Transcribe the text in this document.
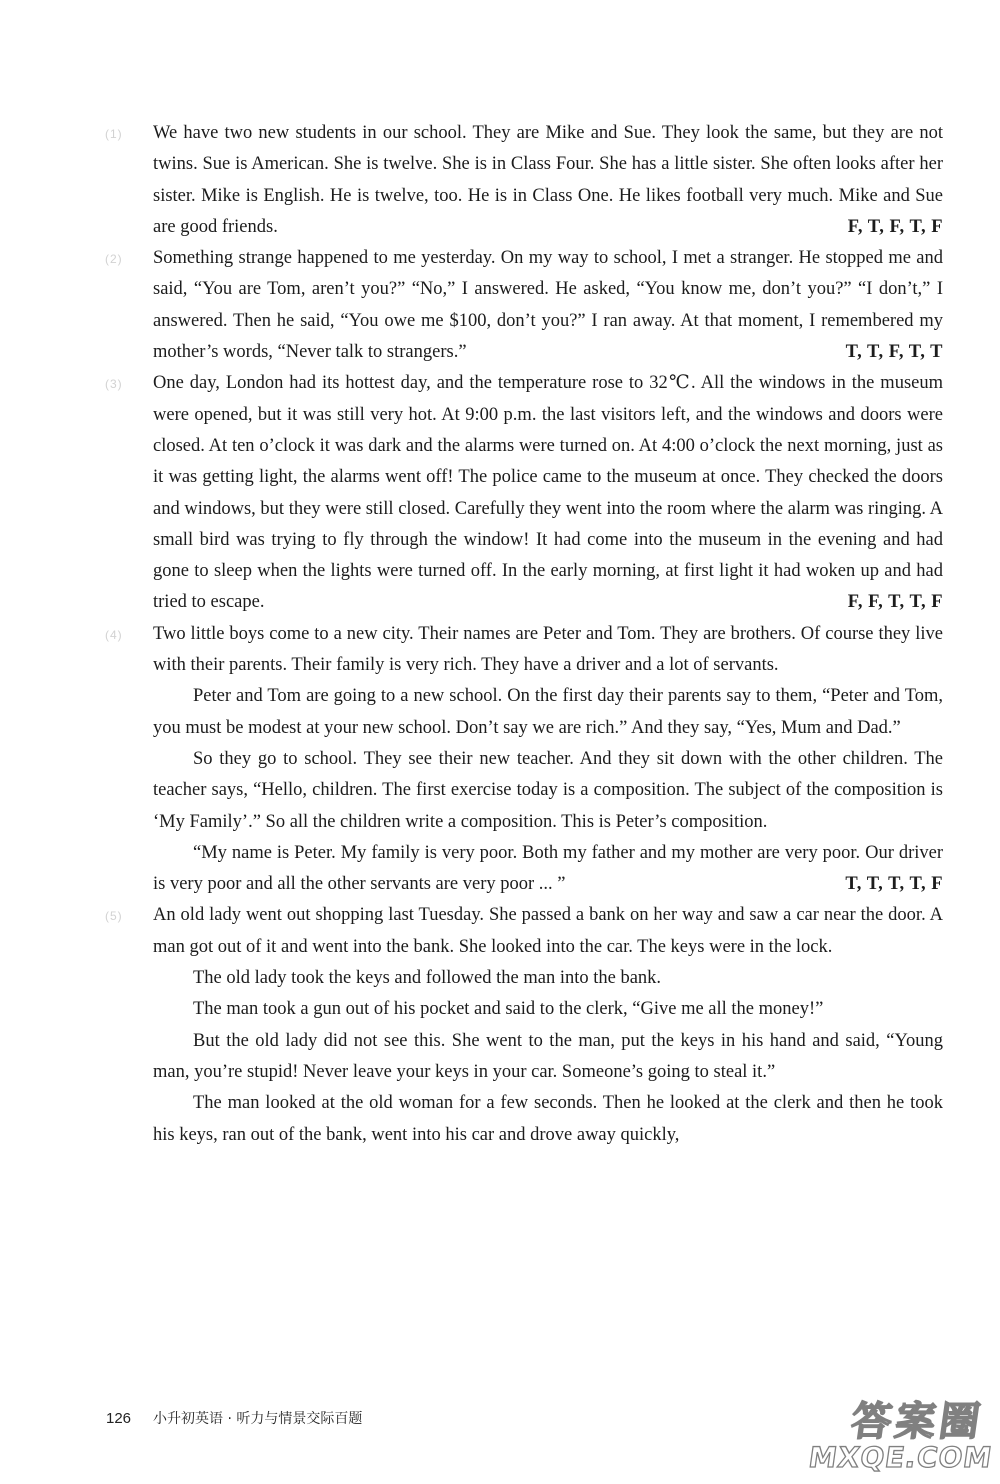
(1)	We have two new students in our school. They are Mike and Sue. They look the same, but they are not twins. Sue is American. She is twelve. She is in Class Four. She has a little sister. She often looks after her sister. Mike is English. He is twelve, too. He is in Class One. He likes football very much. Mike and Sue are good friends.	F, T, F, T, F

(2)	Something strange happened to me yesterday. On my way to school, I met a stranger. He stopped me and said, “You are Tom, aren’t you?” “No,” I answered. He asked, “You know me, don’t you?” “I don’t,” I answered. Then he said, “You owe me $100, don’t you?” I ran away. At that moment, I remembered my mother’s words, “Never talk to strangers.”	T, T, F, T, T

(3)	One day, London had its hottest day, and the temperature rose to 32℃. All the windows in the museum were opened, but it was still very hot. At 9:00 p.m. the last visitors left, and the windows and doors were closed. At ten o’clock it was dark and the alarms were turned on. At 4:00 o’clock the next morning, just as it was getting light, the alarms went off! The police came to the museum at once. They checked the doors and windows, but they were still closed. Carefully they went into the room where the alarm was ringing. A small bird was trying to fly through the window! It had come into the museum in the evening and had gone to sleep when the lights were turned off. In the early morning, at first light it had woken up and had tried to escape.	F, F, T, T, F

(4)	Two little boys come to a new city. Their names are Peter and Tom. They are brothers. Of course they live with their parents. Their family is very rich. They have a driver and a lot of servants.

Peter and Tom are going to a new school. On the first day their parents say to them, “Peter and Tom, you must be modest at your new school. Don’t say we are rich.” And they say, “Yes, Mum and Dad.”

So they go to school. They see their new teacher. And they sit down with the other children. The teacher says, “Hello, children. The first exercise today is a composition. The subject of the composition is ‘My Family’.” So all the children write a composition. This is Peter’s composition.

“My name is Peter. My family is very poor. Both my father and my mother are very poor. Our driver is very poor and all the other servants are very poor ... ”	T, T, T, T, F

(5)	An old lady went out shopping last Tuesday. She passed a bank on her way and saw a car near the door. A man got out of it and went into the bank. She looked into the car. The keys were in the lock.

The old lady took the keys and followed the man into the bank.

The man took a gun out of his pocket and said to the clerk, “Give me all the money!”

But the old lady did not see this. She went to the man, put the keys in his hand and said, “Young man, you’re stupid! Never leave your keys in your car. Someone’s going to steal it.”

The man looked at the old woman for a few seconds. Then he looked at the clerk and then he took his keys, ran out of the bank, went into his car and drove away quickly,

126 小升初英语 · 听力与情景交际百题	答案圈
MXQE.COM
